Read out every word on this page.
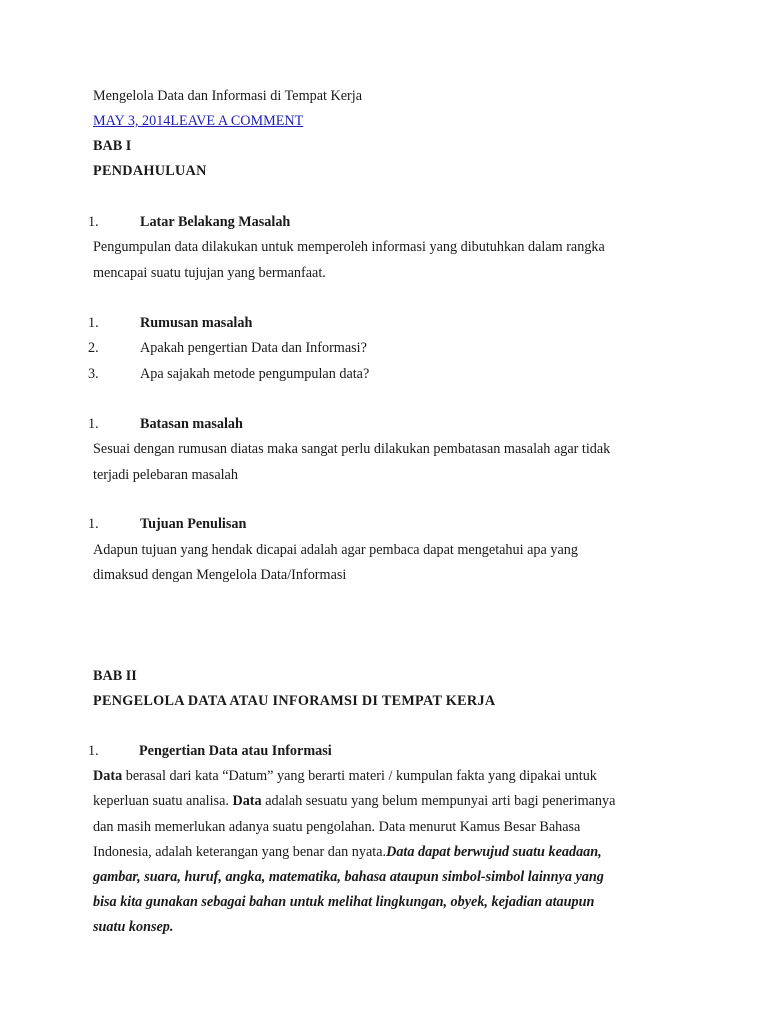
Mengelola Data dan Informasi di Tempat Kerja
MAY 3, 2014LEAVE A COMMENT
BAB I
PENDAHULUAN
1.	Latar Belakang Masalah
Pengumpulan data dilakukan untuk memperoleh informasi yang dibutuhkan dalam rangka
mencapai suatu tujujan yang bermanfaat.
1.	Rumusan masalah
2.	Apakah pengertian Data dan Informasi?
3.	Apa sajakah metode pengumpulan data?
1.	Batasan masalah
Sesuai dengan rumusan diatas maka sangat perlu dilakukan pembatasan masalah agar tidak
terjadi pelebaran masalah
1.	Tujuan Penulisan
Adapun tujuan yang hendak dicapai adalah agar pembaca dapat mengetahui apa yang
dimaksud dengan Mengelola Data/Informasi
BAB II
PENGELOLA DATA ATAU INFORAMSI DI TEMPAT KERJA
1.	Pengertian Data atau Informasi
Data berasal dari kata “Datum” yang berarti materi / kumpulan fakta yang dipakai untuk
keperluan suatu analisa. Data adalah sesuatu yang belum mempunyai arti bagi penerimanya
dan masih memerlukan adanya suatu pengolahan. Data menurut Kamus Besar Bahasa
Indonesia, adalah keterangan yang benar dan nyata.Data dapat berwujud suatu keadaan,
gambar, suara, huruf, angka, matematika, bahasa ataupun simbol-simbol lainnya yang
bisa kita gunakan sebagai bahan untuk melihat lingkungan, obyek, kejadian ataupun
suatu konsep.
